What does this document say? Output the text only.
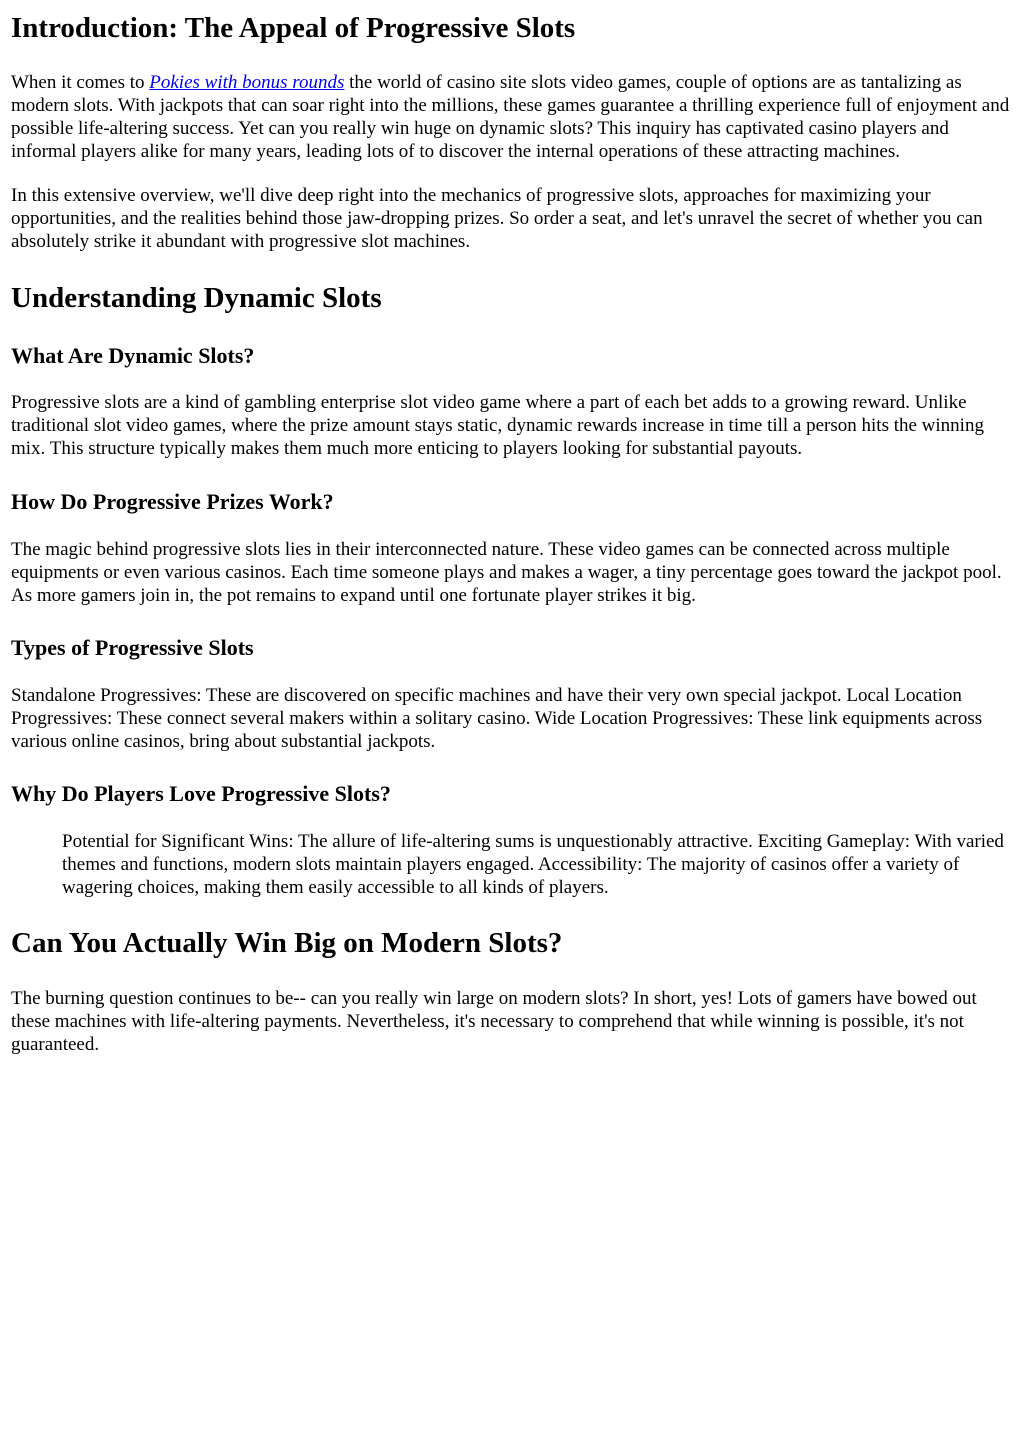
Introduction: The Appeal of Progressive Slots

When it comes to Pokies with bonus rounds the world of casino site slots video games, couple of options are as tantalizing as modern slots. With jackpots that can soar right into the millions, these games guarantee a thrilling experience full of enjoyment and possible life-altering success. Yet can you really win huge on dynamic slots? This inquiry has captivated casino players and informal players alike for many years, leading lots of to discover the internal operations of these attracting machines.

In this extensive overview, we'll dive deep right into the mechanics of progressive slots, approaches for maximizing your opportunities, and the realities behind those jaw-dropping prizes. So order a seat, and let's unravel the secret of whether you can absolutely strike it abundant with progressive slot machines.

Understanding Dynamic Slots
What Are Dynamic Slots?

Progressive slots are a kind of gambling enterprise slot video game where a part of each bet adds to a growing reward. Unlike traditional slot video games, where the prize amount stays static, dynamic rewards increase in time till a person hits the winning mix. This structure typically makes them much more enticing to players looking for substantial payouts.

How Do Progressive Prizes Work?

The magic behind progressive slots lies in their interconnected nature. These video games can be connected across multiple equipments or even various casinos. Each time someone plays and makes a wager, a tiny percentage goes toward the jackpot pool. As more gamers join in, the pot remains to expand until one fortunate player strikes it big.

Types of Progressive Slots

Standalone Progressives: These are discovered on specific machines and have their very own special jackpot. Local Location Progressives: These connect several makers within a solitary casino. Wide Location Progressives: These link equipments across various online casinos, bring about substantial jackpots.

Why Do Players Love Progressive Slots?
Potential for Significant Wins: The allure of life-altering sums is unquestionably attractive. Exciting Gameplay: With varied themes and functions, modern slots maintain players engaged. Accessibility: The majority of casinos offer a variety of wagering choices, making them easily accessible to all kinds of players.
Can You Actually Win Big on Modern Slots?

The burning question continues to be-- can you really win large on modern slots? In short, yes! Lots of gamers have bowed out these machines with life-altering payments. Nevertheless, it's necessary to comprehend that while winning is possible, it's not guaranteed.
